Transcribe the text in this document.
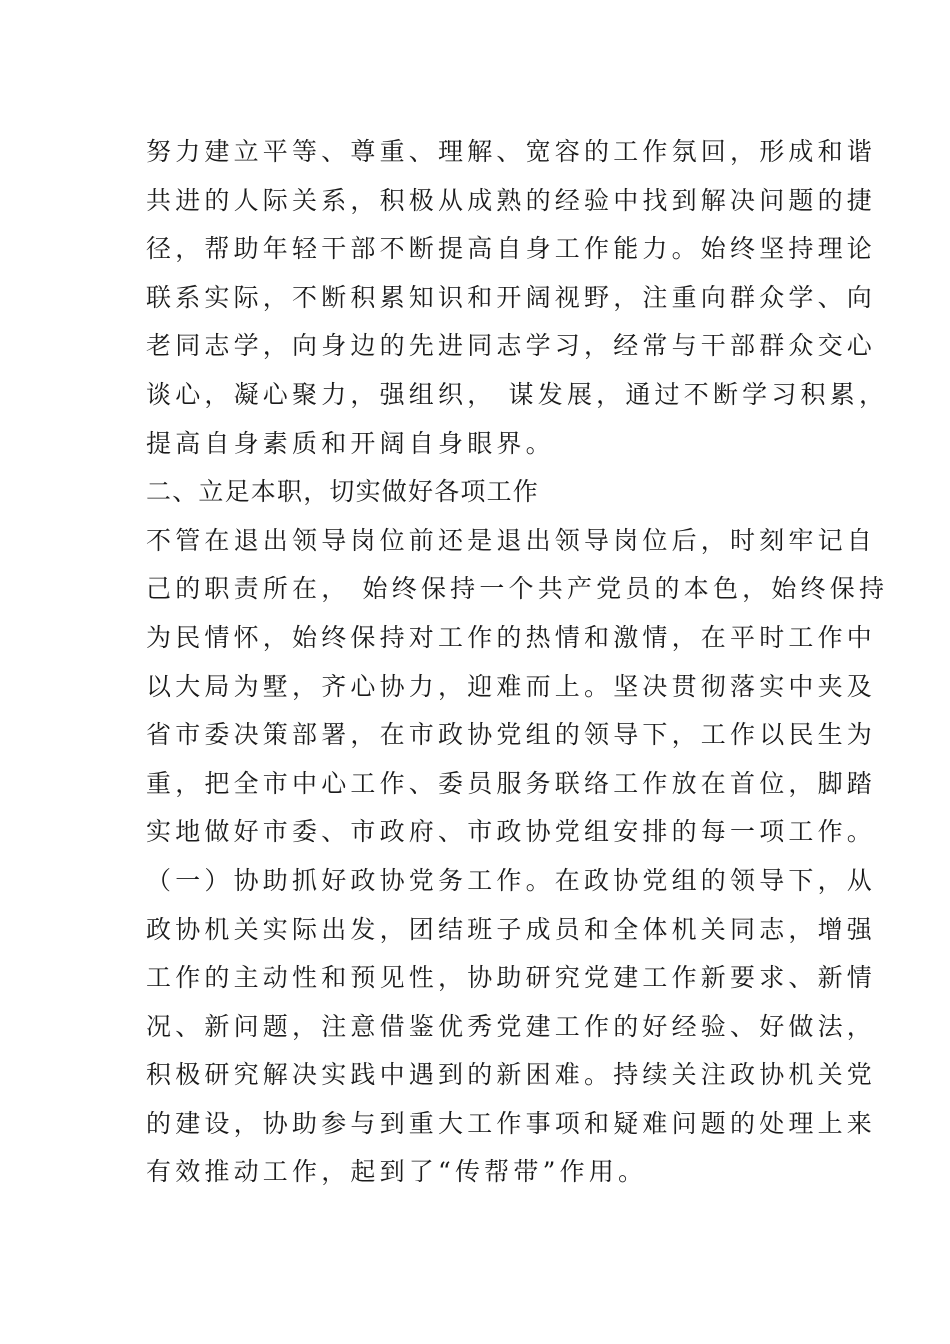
努力建立平等、尊重、理解、宽容的工作氛回，形成和谐
共进的人际关系，积极从成熟的经验中找到解决问题的捷
径，帮助年轻干部不断提高自身工作能力。始终坚持理论
联系实际，不断积累知识和开阔视野，注重向群众学、向
老同志学，向身边的先进同志学习，经常与干部群众交心
谈心，凝心聚力，强组织， 谋发展，通过不断学习积累，
提高自身素质和开阔自身眼界。
二、立足本职，切实做好各项工作
不管在退出领导岗位前还是退出领导岗位后，时刻牢记自
己的职责所在， 始终保持一个共产党员的本色，始终保持
为民情怀，始终保持对工作的热情和激情，在平时工作中
以大局为墅，齐心协力，迎难而上。坚决贯彻落实中夹及
省市委决策部署，在市政协党组的领导下，工作以民生为
重，把全市中心工作、委员服务联络工作放在首位，脚踏
实地做好市委、市政府、市政协党组安排的每一项工作。
（一）协助抓好政协党务工作。在政协党组的领导下，从
政协机关实际出发，团结班子成员和全体机关同志，增强
工作的主动性和预见性，协助研究党建工作新要求、新情
况、新问题，注意借鉴优秀党建工作的好经验、好做法，
积极研究解决实践中遇到的新困难。持续关注政协机关党
的建设，协助参与到重大工作事项和疑难问题的处理上来
有效推动工作，起到了“传帮带”作用。
